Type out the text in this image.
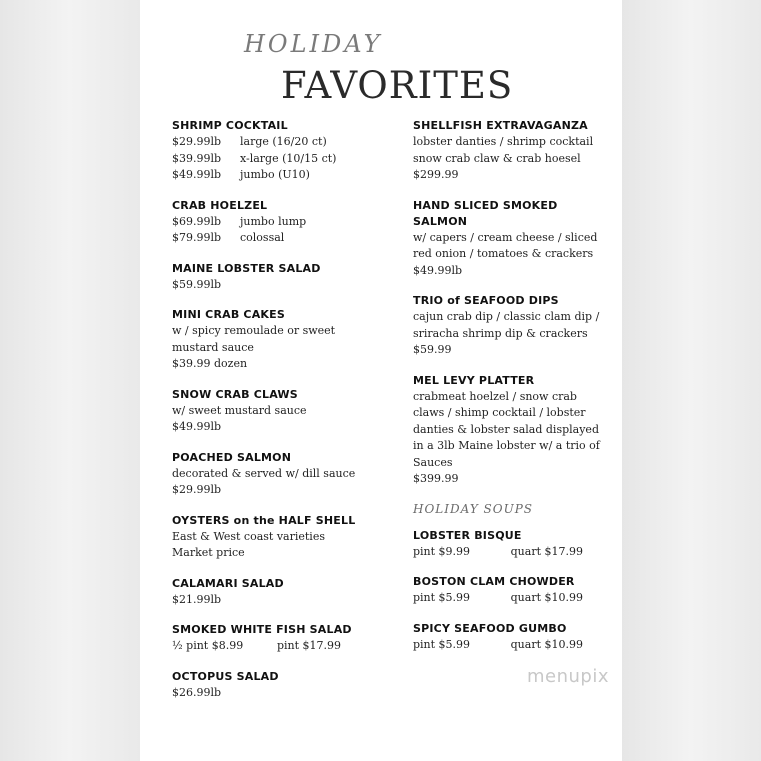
HOLIDAY
FAVORITES
SHRIMP COCKTAIL
$29.99lb	large (16/20 ct)
$39.99lb	x-large (10/15 ct)
$49.99lb	jumbo (U10)
CRAB HOELZEL
$69.99lb	jumbo lump
$79.99lb	colossal
MAINE LOBSTER SALAD
$59.99lb
MINI CRAB CAKES
w / spicy remoulade or sweet
mustard sauce
$39.99 dozen
SNOW CRAB CLAWS
w/ sweet mustard sauce
$49.99lb
POACHED SALMON
decorated & served w/ dill sauce
$29.99lb
OYSTERS on the HALF SHELL
East & West coast varieties
Market price
CALAMARI SALAD
$21.99lb
SMOKED WHITE FISH SALAD
½ pint $8.99	pint $17.99
OCTOPUS SALAD
$26.99lb
SHELLFISH EXTRAVAGANZA
lobster danties / shrimp cocktail
snow crab claw & crab hoesel
$299.99
HAND SLICED SMOKED SALMON
w/ capers / cream cheese / sliced
red onion / tomatoes & crackers
$49.99lb
TRIO of SEAFOOD DIPS
cajun crab dip / classic clam dip /
sriracha shrimp dip & crackers
$59.99
MEL LEVY PLATTER
crabmeat hoelzel / snow crab
claws / shimp cocktail / lobster
danties & lobster salad displayed
in a 3lb Maine lobster w/ a trio of
Sauces
$399.99
HOLIDAY SOUPS
LOBSTER BISQUE
pint $9.99	quart $17.99
BOSTON CLAM CHOWDER
pint $5.99	quart $10.99
SPICY SEAFOOD GUMBO
pint $5.99	quart $10.99
menupix
